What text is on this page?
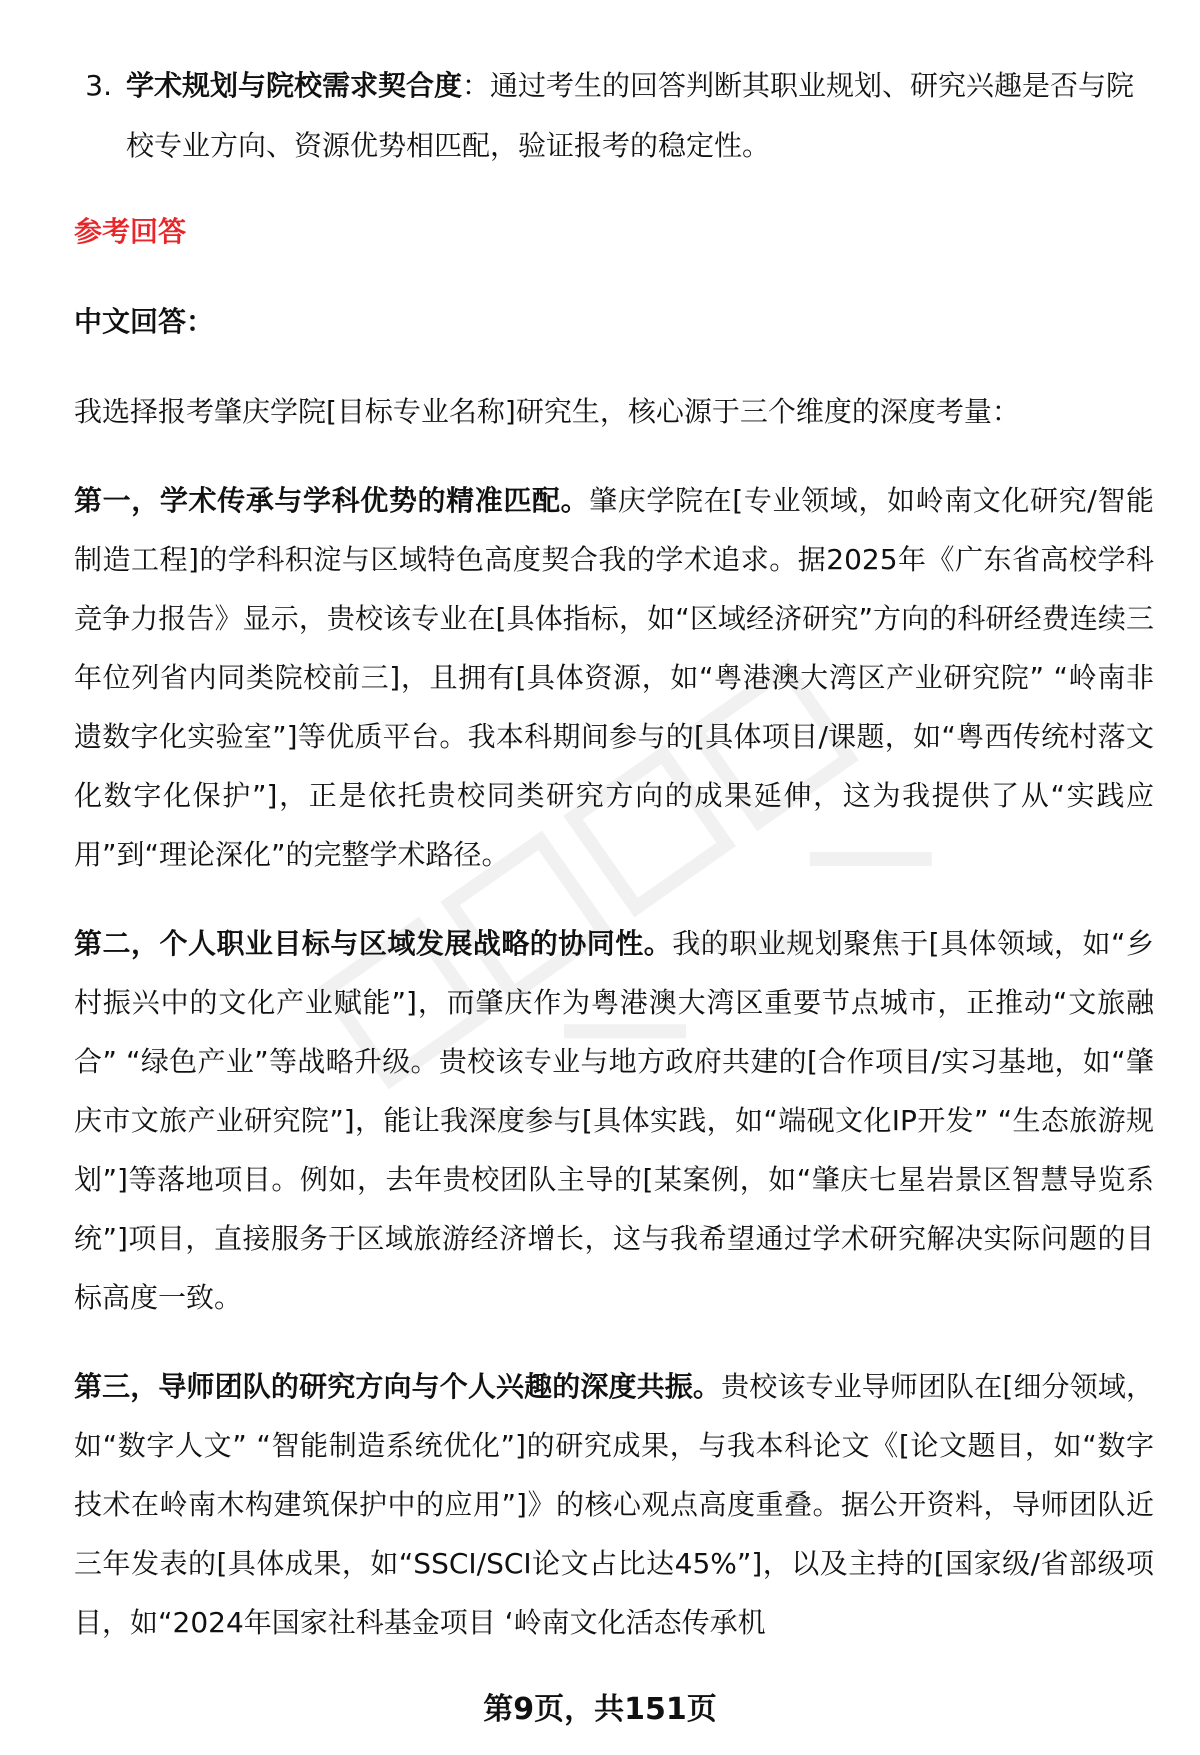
3. 学术规划与院校需求契合度：通过考生的回答判断其职业规划、研究兴趣是否与院校专业方向、资源优势相匹配，验证报考的稳定性。
参考回答
中文回答：
我选择报考肇庆学院[目标专业名称]研究生，核心源于三个维度的深度考量：
第一，学术传承与学科优势的精准匹配。肇庆学院在[专业领域，如岭南文化研究/智能制造工程]的学科积淀与区域特色高度契合我的学术追求。据2025年《广东省高校学科竞争力报告》显示，贵校该专业在[具体指标，如“区域经济研究”方向的科研经费连续三年位列省内同类院校前三]，且拥有[具体资源，如“粤港澳大湾区产业研究院” “岭南非遗数字化实验室”]等优质平台。我本科期间参与的[具体项目/课题，如“粤西传统村落文化数字化保护”]，正是依托贵校同类研究方向的成果延伸，这为我提供了从“实践应用”到“理论深化”的完整学术路径。
第二，个人职业目标与区域发展战略的协同性。我的职业规划聚焦于[具体领域，如“乡村振兴中的文化产业赋能”]，而肇庆作为粤港澳大湾区重要节点城市，正推动“文旅融合” “绿色产业”等战略升级。贵校该专业与地方政府共建的[合作项目/实习基地，如“肇庆市文旅产业研究院”]，能让我深度参与[具体实践，如“端砚文化IP开发” “生态旅游规划”]等落地项目。例如，去年贵校团队主导的[某案例，如“肇庆七星岩景区智慧导览系统”]项目，直接服务于区域旅游经济增长，这与我希望通过学术研究解决实际问题的目标高度一致。
第三，导师团队的研究方向与个人兴趣的深度共振。贵校该专业导师团队在[细分领域，如“数字人文” “智能制造系统优化”]的研究成果，与我本科论文《[论文题目，如“数字技术在岭南木构建筑保护中的应用”]》的核心观点高度重叠。据公开资料，导师团队近三年发表的[具体成果，如“SSCI/SCI论文占比达45%”]，以及主持的[国家级/省部级项目，如“2024年国家社科基金项目 ‘岭南文化活态传承机
第9页，共151页
